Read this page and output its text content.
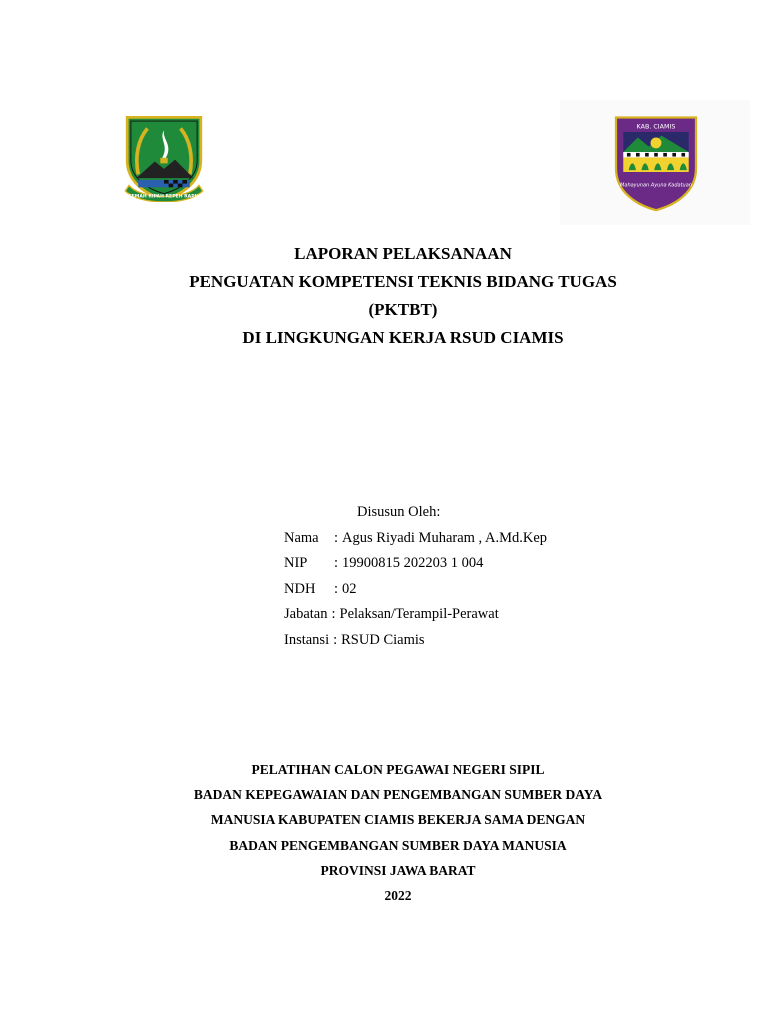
GEMAH RIPAH REPEH RAPIH
KAB. CIAMIS
Mahayunan Ayuna Kadatuan
LAPORAN PELAKSANAAN
PENGUATAN KOMPETENSI TEKNIS BIDANG TUGAS
(PKTBT)
DI LINGKUNGAN KERJA RSUD CIAMIS
Disusun Oleh:
Nama	: Agus Riyadi Muharam , A.Md.Kep
NIP	: 19900815 202203 1 004
NDH	: 02
Jabatan : Pelaksan/Terampil-Perawat
Instansi : RSUD Ciamis
PELATIHAN CALON PEGAWAI NEGERI SIPIL
BADAN KEPEGAWAIAN DAN PENGEMBANGAN SUMBER DAYA
MANUSIA KABUPATEN CIAMIS BEKERJA SAMA DENGAN
BADAN PENGEMBANGAN SUMBER DAYA MANUSIA
PROVINSI JAWA BARAT
2022
